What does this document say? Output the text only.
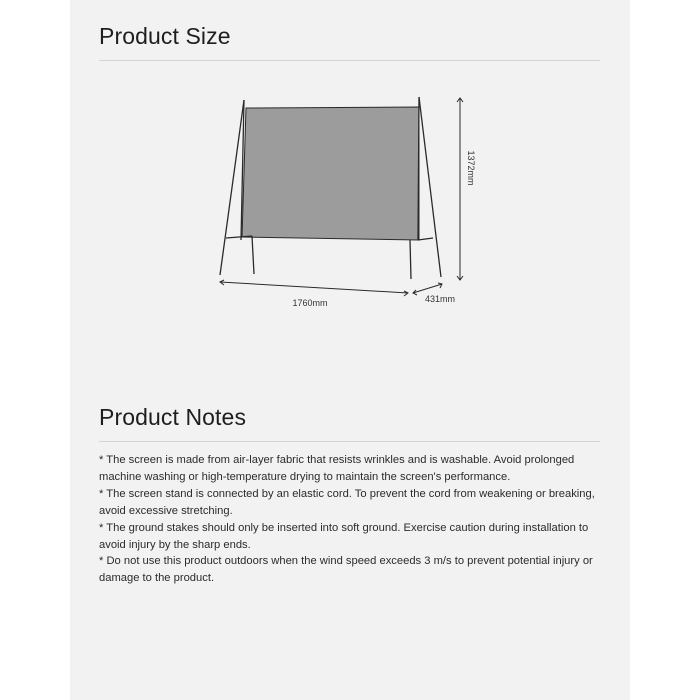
Product Size
1372mm
1760mm	431mm
Product Notes

* The screen is made from air-layer fabric that resists wrinkles and is washable. Avoid prolonged machine washing or high-temperature drying to maintain the screen's performance.

* The screen stand is connected by an elastic cord. To prevent the cord from weakening or breaking, avoid excessive stretching.

* The ground stakes should only be inserted into soft ground. Exercise caution during installation to avoid injury by the sharp ends.

* Do not use this product outdoors when the wind speed exceeds 3 m/s to prevent potential injury or damage to the product.
